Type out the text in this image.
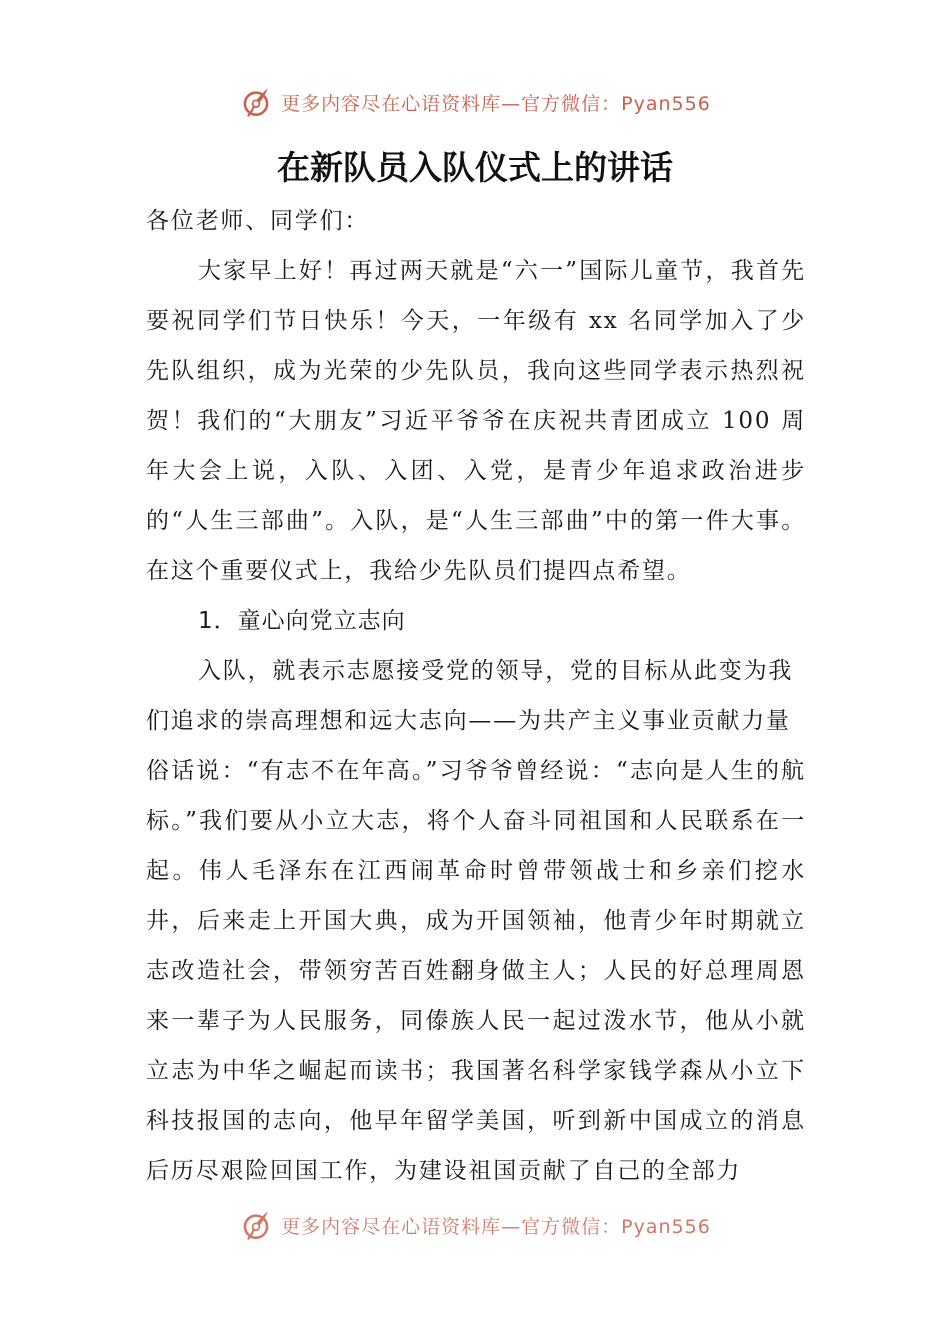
更多内容尽在心语资料库—官方微信：Pyan556
在新队员入队仪式上的讲话

各位老师、同学们：

大家早上好！再过两天就是“六一”国际儿童节，我首先要祝同学们节日快乐！今天，一年级有 xx 名同学加入了少先队组织，成为光荣的少先队员，我向这些同学表示热烈祝贺！我们的“大朋友”习近平爷爷在庆祝共青团成立 100 周年大会上说，入队、入团、入党，是青少年追求政治进步的“人生三部曲”。入队，是“人生三部曲”中的第一件大事。在这个重要仪式上，我给少先队员们提四点希望。

1．童心向党立志向

入队，就表示志愿接受党的领导，党的目标从此变为我

们追求的崇高理想和远大志向——为共产主义事业贡献力量

俗话说：“有志不在年高。”习爷爷曾经说：“志向是人生的航标。”我们要从小立大志，将个人奋斗同祖国和人民联系在一起。伟人毛泽东在江西闹革命时曾带领战士和乡亲们挖水井，后来走上开国大典，成为开国领袖，他青少年时期就立志改造社会，带领穷苦百姓翻身做主人；人民的好总理周恩来一辈子为人民服务，同傣族人民一起过泼水节，他从小就立志为中华之崛起而读书；我国著名科学家钱学森从小立下科技报国的志向，他早年留学美国，听到新中国成立的消息后历尽艰险回国工作，为建设祖国贡献了自己的全部力

更多内容尽在心语资料库—官方微信：Pyan556
